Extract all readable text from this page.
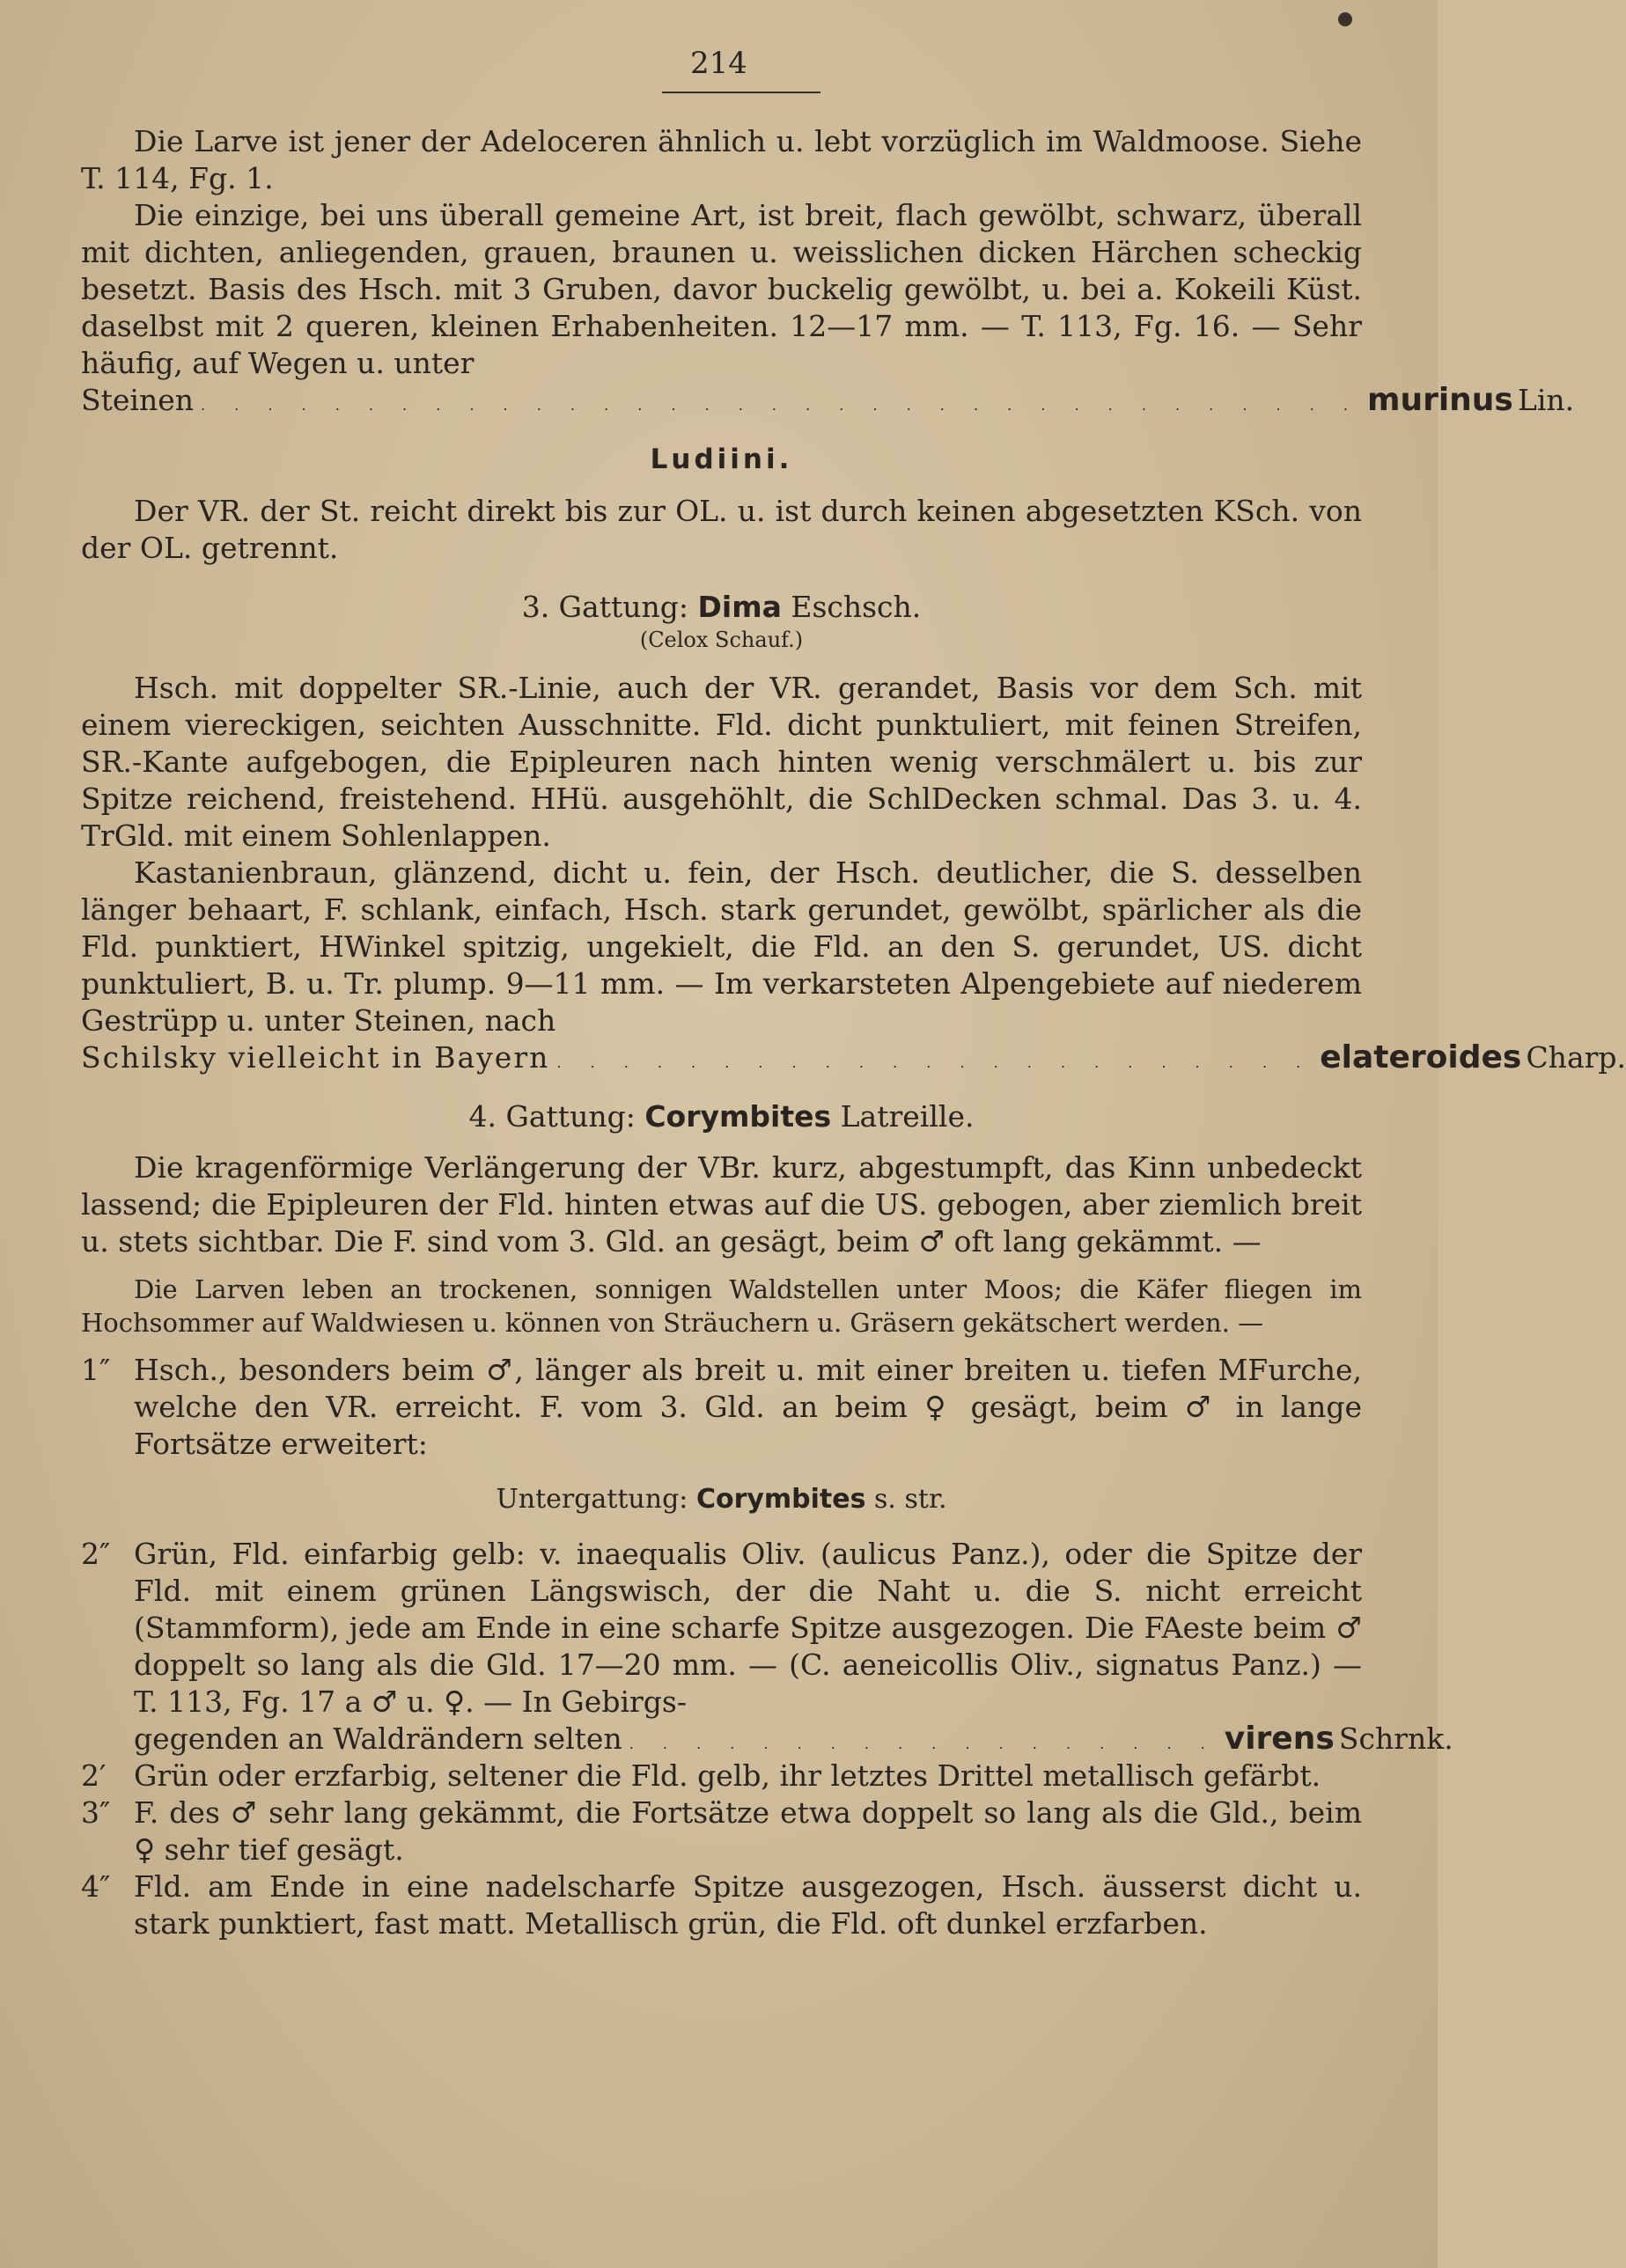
214

Die Larve ist jener der Adeloceren ähnlich u. lebt vorzüglich im Waldmoose. Siehe T. 114, Fg. 1.

Die einzige, bei uns überall gemeine Art, ist breit, flach gewölbt, schwarz, überall mit dichten, anliegenden, grauen, braunen u. weisslichen dicken Härchen scheckig besetzt. Basis des Hsch. mit 3 Gruben, davor buckelig gewölbt, u. bei a. Kokeili Küst. daselbst mit 2 queren, kleinen Erhabenheiten. 12—17 mm. — T. 113, Fg. 16. — Sehr häufig, auf Wegen u. unter

Steinen . . . . . . . . . . . . . . . . . . . . . . . . . . . . . . . . . . . murinus Lin.
Ludiini.

Der VR. der St. reicht direkt bis zur OL. u. ist durch keinen abgesetzten KSch. von der OL. getrennt.

3. Gattung: Dima Eschsch.
(Celox Schauf.)

Hsch. mit doppelter SR.-Linie, auch der VR. gerandet, Basis vor dem Sch. mit einem viereckigen, seichten Ausschnitte. Fld. dicht punktuliert, mit feinen Streifen, SR.-Kante aufgebogen, die Epipleuren nach hinten wenig verschmälert u. bis zur Spitze reichend, freistehend. HHü. ausgehöhlt, die SchlDecken schmal. Das 3. u. 4. TrGld. mit einem Sohlenlappen.

Kastanienbraun, glänzend, dicht u. fein, der Hsch. deutlicher, die S. desselben länger behaart, F. schlank, einfach, Hsch. stark gerundet, gewölbt, spärlicher als die Fld. punktiert, HWinkel spitzig, ungekielt, die Fld. an den S. gerundet, US. dicht punktuliert, B. u. Tr. plump. 9—11 mm. — Im verkarsteten Alpengebiete auf niederem Gestrüpp u. unter Steinen, nach

Schilsky vielleicht in Bayern . . . . . . . . . . . . . . . . . . . . . . . elateroides Charp.
4. Gattung: Corymbites Latreille.

Die kragenförmige Verlängerung der VBr. kurz, abgestumpft, das Kinn unbedeckt lassend; die Epipleuren der Fld. hinten etwas auf die US. gebogen, aber ziemlich breit u. stets sichtbar. Die F. sind vom 3. Gld. an gesägt, beim ♂ oft lang gekämmt. —

Die Larven leben an trockenen, sonnigen Waldstellen unter Moos; die Käfer fliegen im Hochsommer auf Waldwiesen u. können von Sträuchern u. Gräsern gekätschert werden. —

1″ Hsch., besonders beim ♂, länger als breit u. mit einer breiten u. tiefen MFurche, welche den VR. erreicht. F. vom 3. Gld. an beim ♀ gesägt, beim ♂ in lange Fortsätze erweitert:

Untergattung: Corymbites s. str.
2″ Grün, Fld. einfarbig gelb: v. inaequalis Oliv. (aulicus Panz.), oder die Spitze der Fld. mit einem grünen Längswisch, der die Naht u. die S. nicht erreicht (Stammform), jede am Ende in eine scharfe Spitze ausgezogen. Die FAeste beim ♂ doppelt so lang als die Gld. 17—20 mm. — (C. aeneicollis Oliv., signatus Panz.) — T. 113, Fg. 17 a ♂ u. ♀. — In Gebirgs-

gegenden an Waldrändern selten . . . . . . . . . . . . . . . . . . virens Schrnk.
2′ Grün oder erzfarbig, seltener die Fld. gelb, ihr letztes Drittel metallisch gefärbt.

3″ F. des ♂ sehr lang gekämmt, die Fortsätze etwa doppelt so lang als die Gld., beim ♀ sehr tief gesägt.

4″ Fld. am Ende in eine nadelscharfe Spitze ausgezogen, Hsch. äusserst dicht u. stark punktiert, fast matt. Metallisch grün, die Fld. oft dunkel erzfarben.
